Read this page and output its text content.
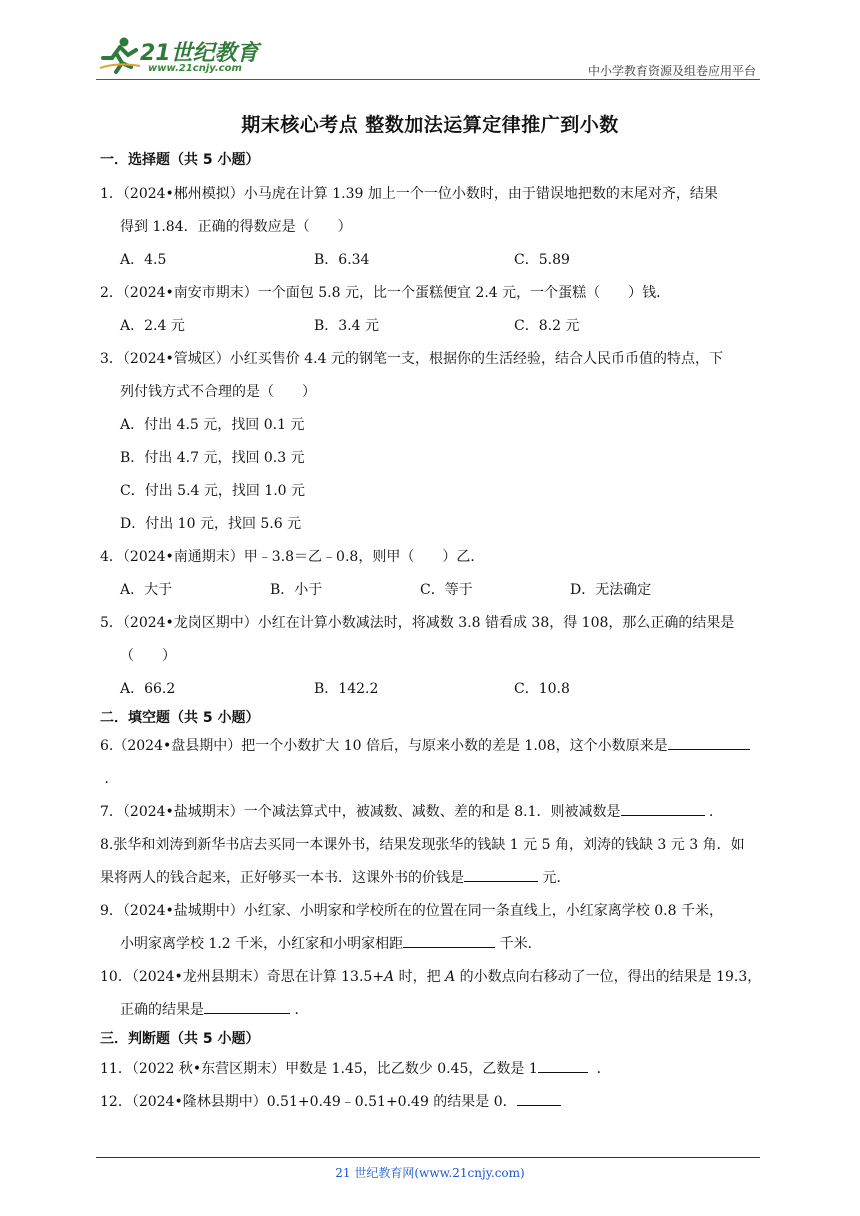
21世纪教育
www.21cnjy.com	中小学教育资源及组卷应用平台
期末核心考点 整数加法运算定律推广到小数
一．选择题（共 5 小题）
1．（2024•郴州模拟）小马虎在计算 1.39 加上一个一位小数时，由于错误地把数的末尾对齐，结果
得到 1.84．正确的得数应是（　　）
A．4.5	B．6.34	C．5.89
2．（2024•南安市期末）一个面包 5.8 元，比一个蛋糕便宜 2.4 元，一个蛋糕（　　）钱．
A．2.4 元	B．3.4 元	C．8.2 元
3．（2024•管城区）小红买售价 4.4 元的钢笔一支，根据你的生活经验，结合人民币币值的特点，下
列付钱方式不合理的是（　　）
A．付出 4.5 元，找回 0.1 元
B．付出 4.7 元，找回 0.3 元
C．付出 5.4 元，找回 1.0 元
D．付出 10 元，找回 5.6 元
4．（2024•南通期末）甲﹣3.8＝乙﹣0.8，则甲（　　）乙．
A．大于	B．小于	C．等于	D．无法确定
5．（2024•龙岗区期中）小红在计算小数减法时，将减数 3.8 错看成 38，得 108，那么正确的结果是
（　　）
A．66.2	B．142.2	C．10.8
二．填空题（共 5 小题）
6.（2024•盘县期中）把一个小数扩大 10 倍后，与原来小数的差是 1.08，这个小数原来是 ．
7．（2024•盐城期末）一个减法算式中，被减数、减数、差的和是 8.1．则被减数是	．
8.张华和刘涛到新华书店去买同一本课外书，结果发现张华的钱缺 1 元 5 角，刘涛的钱缺 3 元 3 角．如
果将两人的钱合起来，正好够买一本书．这课外书的价钱是	元．
9．（2024•盐城期中）小红家、小明家和学校所在的位置在同一条直线上，小红家离学校 0.8 千米，
小明家离学校 1.2 千米，小红家和小明家相距	千米．
10．（2024•龙州县期末）奇思在计算 13.5+A 时，把 A 的小数点向右移动了一位，得出的结果是 19.3，
正确的结果是	．
三．判断题（共 5 小题）
11．（2022 秋•东营区期末）甲数是 1.45，比乙数少 0.45，乙数是 1	．
12．（2024•隆林县期中）0.51+0.49﹣0.51+0.49 的结果是 0．
21 世纪教育网(www.21cnjy.com)
